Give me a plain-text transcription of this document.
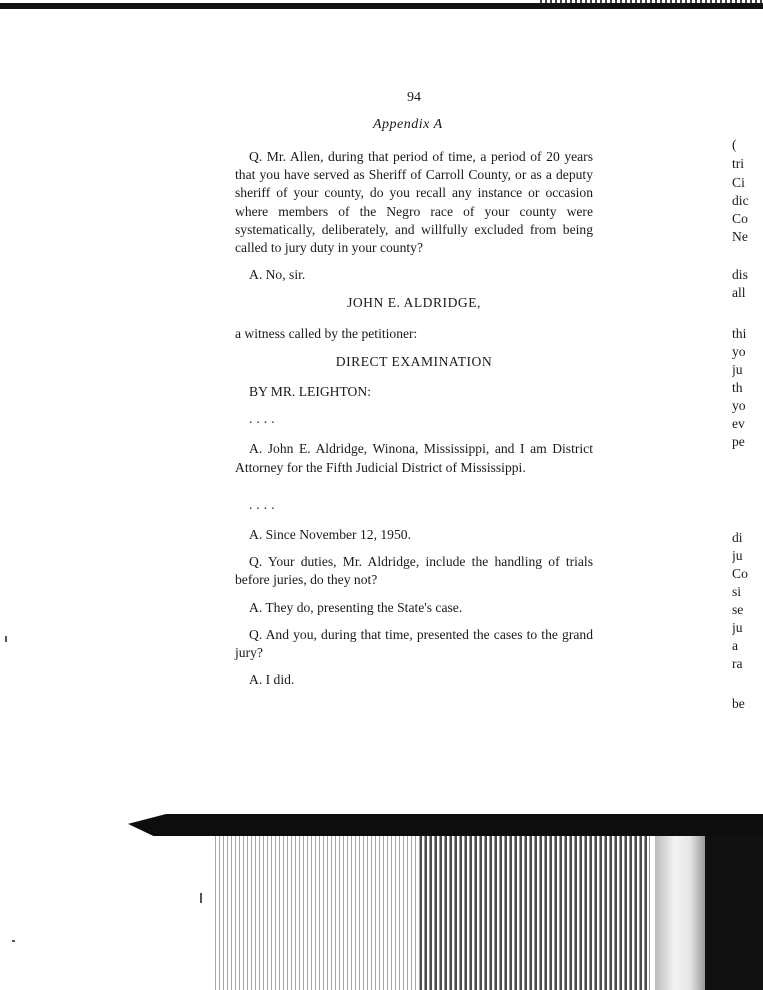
94
Appendix A

Q. Mr. Allen, during that period of time, a period of 20 years that you have served as Sheriff of Carroll County, or as a deputy sheriff of your county, do you recall any instance or occasion where members of the Negro race of your county were systematically, deliberately, and willfully excluded from being called to jury duty in your county?

A. No, sir.

JOHN E. ALDRIDGE,

a witness called by the petitioner:

DIRECT EXAMINATION

BY MR. LEIGHTON:

....

A. John E. Aldridge, Winona, Mississippi, and I am District Attorney for the Fifth Judicial District of Mississippi.

....

A. Since November 12, 1950.

Q. Your duties, Mr. Aldridge, include the handling of trials before juries, do they not?

A. They do, presenting the State's case.

Q. And you, during that time, presented the cases to the grand jury?

A. I did.

(
tri
Ci
dic
Co
Ne
dis
all
thi
yo
ju
th
yo
ev
pe
di
ju
Co
si
se
ju
a
ra
be
